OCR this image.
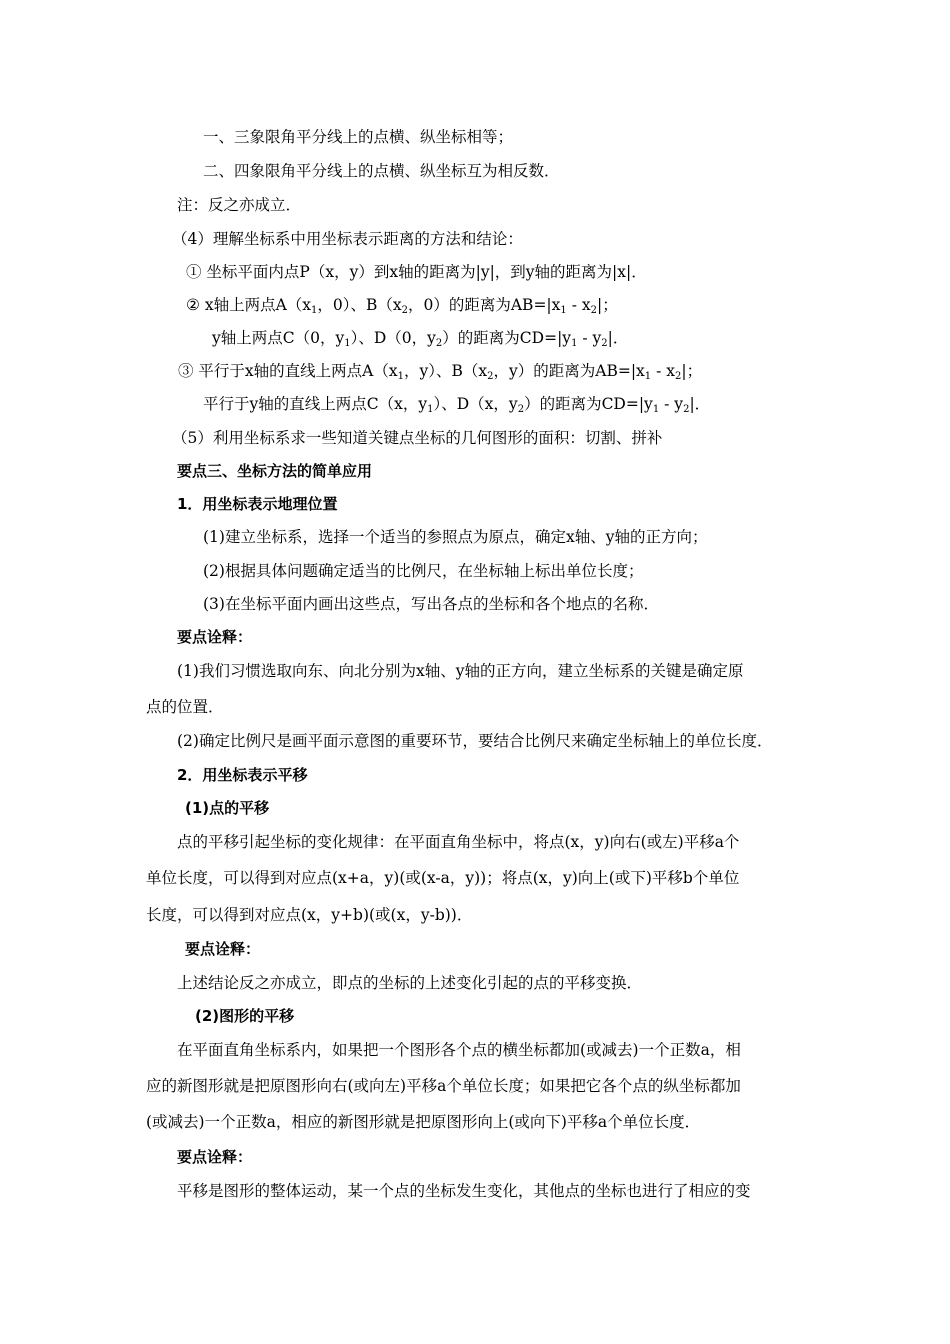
一、三象限角平分线上的点横、纵坐标相等；
二、四象限角平分线上的点横、纵坐标互为相反数．
注：反之亦成立．
（4）理解坐标系中用坐标表示距离的方法和结论：
① 坐标平面内点P（x，y）到x轴的距离为|y|，到y轴的距离为|x|．
② x轴上两点$A(x_1$，0）、$B(x_2$，0）的距离为$AB=|x_1 - x_2|$；
y轴上两点C（0，$y_1$）、D（0，$y_2$）的距离为$CD=|y_1 - y_2|$．
③ 平行于x轴的直线上两点$A(x_1$，y）、$B(x_2$，y）的距离为$AB=|x_1 - x_2|$；
平行于y轴的直线上两点C（x，$y_1$）、D（x，$y_2$）的距离为$CD=|y_1 - y_2|$．
（5）利用坐标系求一些知道关键点坐标的几何图形的面积：切割、拼补
要点三、坐标方法的简单应用
1．用坐标表示地理位置
(1)建立坐标系，选择一个适当的参照点为原点，确定x轴、y轴的正方向；
(2)根据具体问题确定适当的比例尺，在坐标轴上标出单位长度；
(3)在坐标平面内画出这些点，写出各点的坐标和各个地点的名称．
要点诠释：
(1)我们习惯选取向东、向北分别为x轴、y轴的正方向，建立坐标系的关键是确定原
点的位置．
(2)确定比例尺是画平面示意图的重要环节，要结合比例尺来确定坐标轴上的单位长度．
2．用坐标表示平移
(1)点的平移
点的平移引起坐标的变化规律：在平面直角坐标中，将点(x，y)向右(或左)平移a个
单位长度，可以得到对应点(x+a，y)(或(x-a，y))；将点(x，y)向上(或下)平移b个单位
长度，可以得到对应点(x，y+b)(或(x，y-b))．
要点诠释：
上述结论反之亦成立，即点的坐标的上述变化引起的点的平移变换．
(2)图形的平移
在平面直角坐标系内，如果把一个图形各个点的横坐标都加(或减去)一个正数a，相
应的新图形就是把原图形向右(或向左)平移a个单位长度；如果把它各个点的纵坐标都加
(或减去)一个正数a，相应的新图形就是把原图形向上(或向下)平移a个单位长度．
要点诠释：
平移是图形的整体运动，某一个点的坐标发生变化，其他点的坐标也进行了相应的变
